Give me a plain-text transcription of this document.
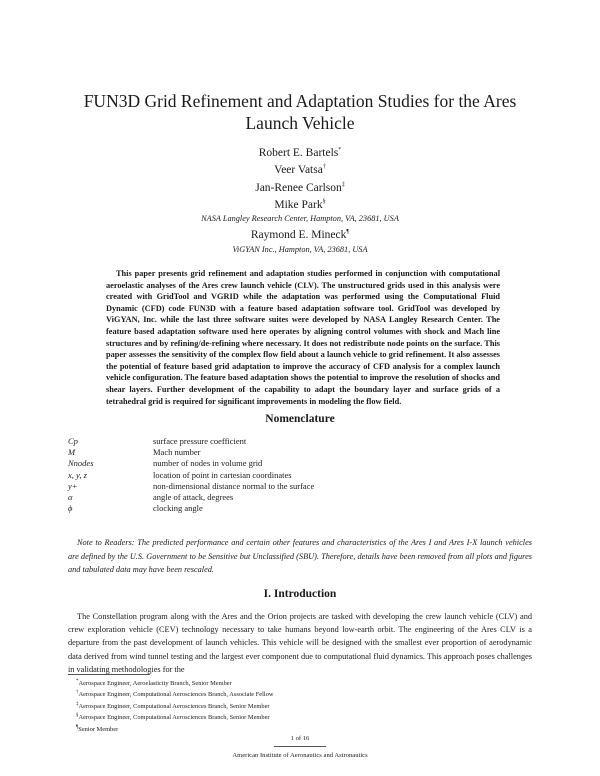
FUN3D Grid Refinement and Adaptation Studies for the Ares Launch Vehicle
Robert E. Bartels*
Veer Vatsa†
Jan-Renee Carlson‡
Mike Park§
NASA Langley Research Center, Hampton, VA, 23681, USA
Raymond E. Mineck¶
ViGYAN Inc., Hampton, VA, 23681, USA

This paper presents grid refinement and adaptation studies performed in conjunction with computational aeroelastic analyses of the Ares crew launch vehicle (CLV). The unstructured grids used in this analysis were created with GridTool and VGRID while the adaptation was performed using the Computational Fluid Dynamic (CFD) code FUN3D with a feature based adaptation software tool. GridTool was developed by ViGYAN, Inc. while the last three software suites were developed by NASA Langley Research Center. The feature based adaptation software used here operates by aligning control volumes with shock and Mach line structures and by refining/de-refining where necessary. It does not redistribute node points on the surface. This paper assesses the sensitivity of the complex flow field about a launch vehicle to grid refinement. It also assesses the potential of feature based grid adaptation to improve the accuracy of CFD analysis for a complex launch vehicle configuration. The feature based adaptation shows the potential to improve the resolution of shocks and shear layers. Further development of the capability to adapt the boundary layer and surface grids of a tetrahedral grid is required for significant improvements in modeling the flow field.

Nomenclature
Cp	surface pressure coefficient
M	Mach number
Nnodes	number of nodes in volume grid
x, y, z	location of point in cartesian coordinates
y+	non-dimensional distance normal to the surface
α	angle of attack, degrees
ϕ	clocking angle

Note to Readers: The predicted performance and certain other features and characteristics of the Ares I and Ares I-X launch vehicles are defined by the U.S. Government to be Sensitive but Unclassified (SBU). Therefore, details have been removed from all plots and figures and tabulated data may have been rescaled.

I. Introduction

The Constellation program along with the Ares and the Orion projects are tasked with developing the crew launch vehicle (CLV) and crew exploration vehicle (CEV) technology necessary to take humans beyond low-earth orbit. The engineering of the Ares CLV is a departure from the past development of launch vehicles. This vehicle will be designed with the smallest ever proportion of aerodynamic data derived from wind tunnel testing and the largest ever component due to computational fluid dynamics. This approach poses challenges in validating methodologies for the

*Aerospace Engineer, Aeroelasticity Branch, Senior Member
†Aerospace Engineer, Computational Aerosciences Branch, Associate Fellow
‡Aerospace Engineer, Computational Aerosciences Branch, Senior Member
§Aerospace Engineer, Computational Aerosciences Branch, Senior Member
¶Senior Member
1 of 16
American Institute of Aeronautics and Astronautics
